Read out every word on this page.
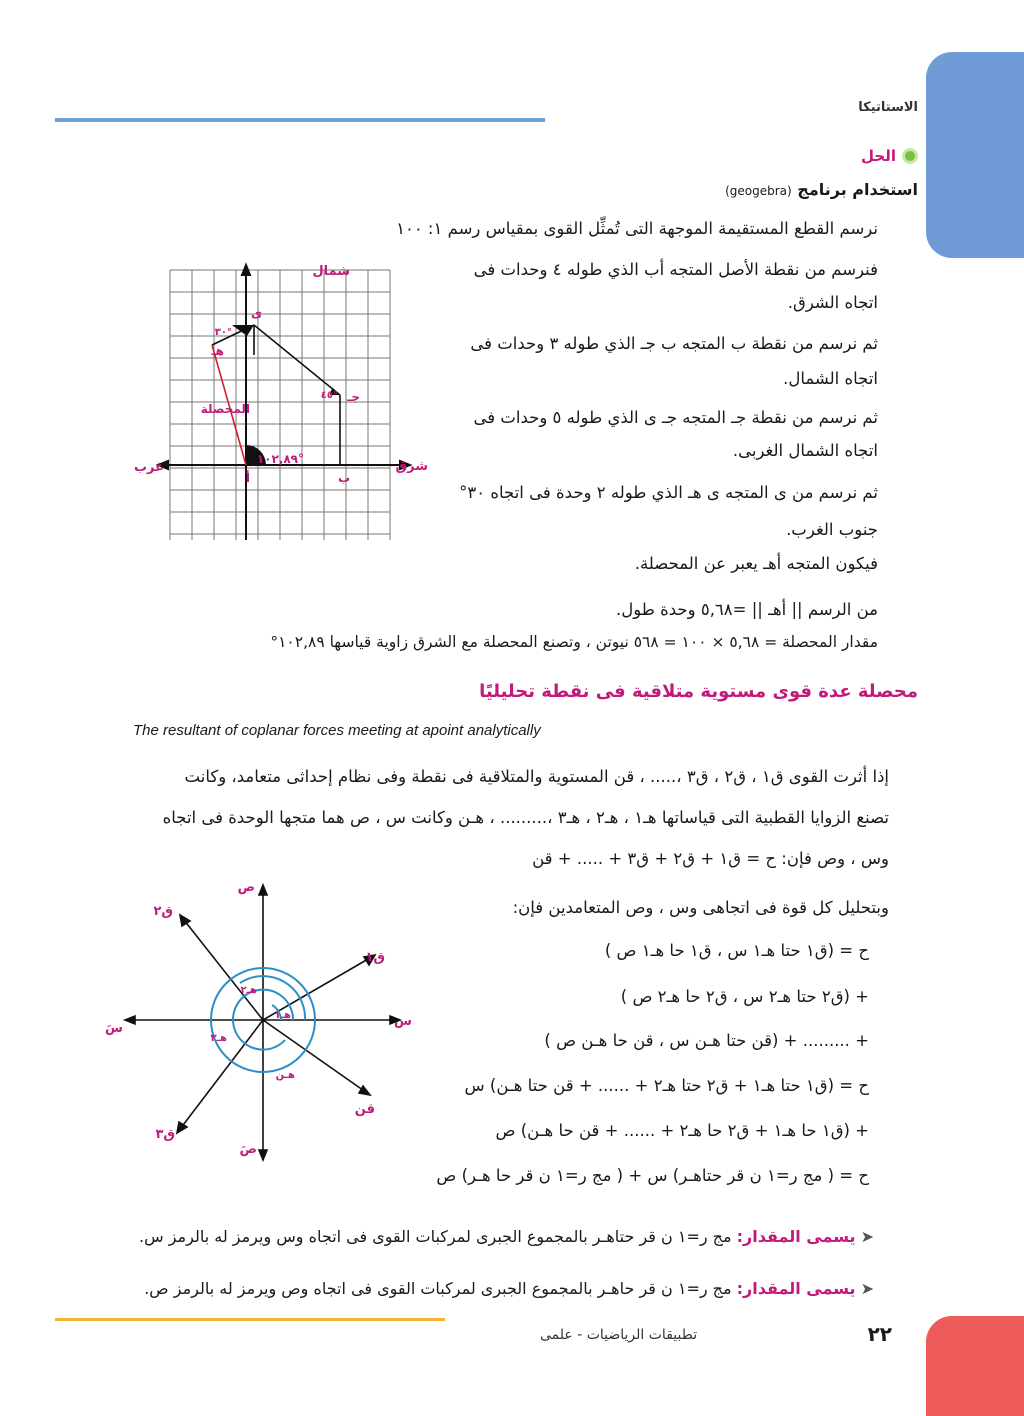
الاستاتيكا
الحل
استخدام برنامج (geogebra)
نرسم القطع المستقيمة الموجهة التى تُمثِّل القوى بمقياس رسم ١: ١٠٠
فنرسم من نقطة الأصل المتجه أب الذي طوله ٤ وحدات فى
اتجاه الشرق.
ثم نرسم من نقطة ب المتجه ب جـ الذي طوله ٣ وحدات فى
اتجاه الشمال.
ثم نرسم من نقطة جـ المتجه جـ ى الذي طوله ٥ وحدات فى
اتجاه الشمال الغربى.
ثم نرسم من ى المتجه ى هـ الذي طوله ٢ وحدة فى اتجاه ٣٠°
جنوب الغرب.
فيكون المتجه أهـ يعبر عن المحصلة.
من الرسم || أهـ || =٥,٦٨ وحدة طول.
مقدار المحصلة = ٥,٦٨ × ١٠٠ = ٥٦٨ نيوتن ، وتصنع المحصلة مع الشرق زاوية قياسها ١٠٢,٨٩°
شمال
شرق
غرب
المحصلة
أ	ب
جـ
ى
هـ
١٠٢,٨٩°
٤٥°
٣٠°
محصلة عدة قوى مستوية متلاقية فى نقطة تحليليًا
The resultant of coplanar forces meeting at apoint analytically
إذا أثرت القوى ق١ ، ق٢ ، ق٣ ،..... ، قن المستوية والمتلاقية فى نقطة وفى نظام إحداثى متعامد، وكانت
تصنع الزوايا القطبية التى قياساتها هـ١ ، هـ٢ ، هـ٣ ،......... ، هـن وكانت س ، ص هما متجها الوحدة فى اتجاه
وس ، وص فإن: ح = ق١ + ق٢ + ق٣ + ..... + قن
وبتحليل كل قوة فى اتجاهى وس ، وص المتعامدين فإن:
ح = (ق١ حتا هـ١ س ، ق١ حا هـ١ ص )
+ (ق٢ حتا هـ٢ س ، ق٢ حا هـ٢ ص )
+ ......... + (قن حتا هـن س ، قن حا هـن ص )
ح = (ق١ حتا هـ١ + ق٢ حتا هـ٢ + ...... + قن حتا هـن) س
+ (ق١ حا هـ١ + ق٢ حا هـ٢ + ...... + قن حا هـن) ص
ح = ( مج ر=١ ن قر حتاهـر) س + ( مج ر=١ ن قر حا هـر) ص
س
سَ
ص
صَ
ق١
ق٢
ق٣
قن
هـ١
هـ٢
هـ٣
هـن
➤ يسمى المقدار: مج ر=١ ن قر حتاهـر بالمجموع الجبرى لمركبات القوى فى اتجاه وس ويرمز له بالرمز س.
➤ يسمى المقدار: مج ر=١ ن قر حاهـر بالمجموع الجبرى لمركبات القوى فى اتجاه وص ويرمز له بالرمز ص.
٢٢
تطبيقات الرياضيات - علمى
